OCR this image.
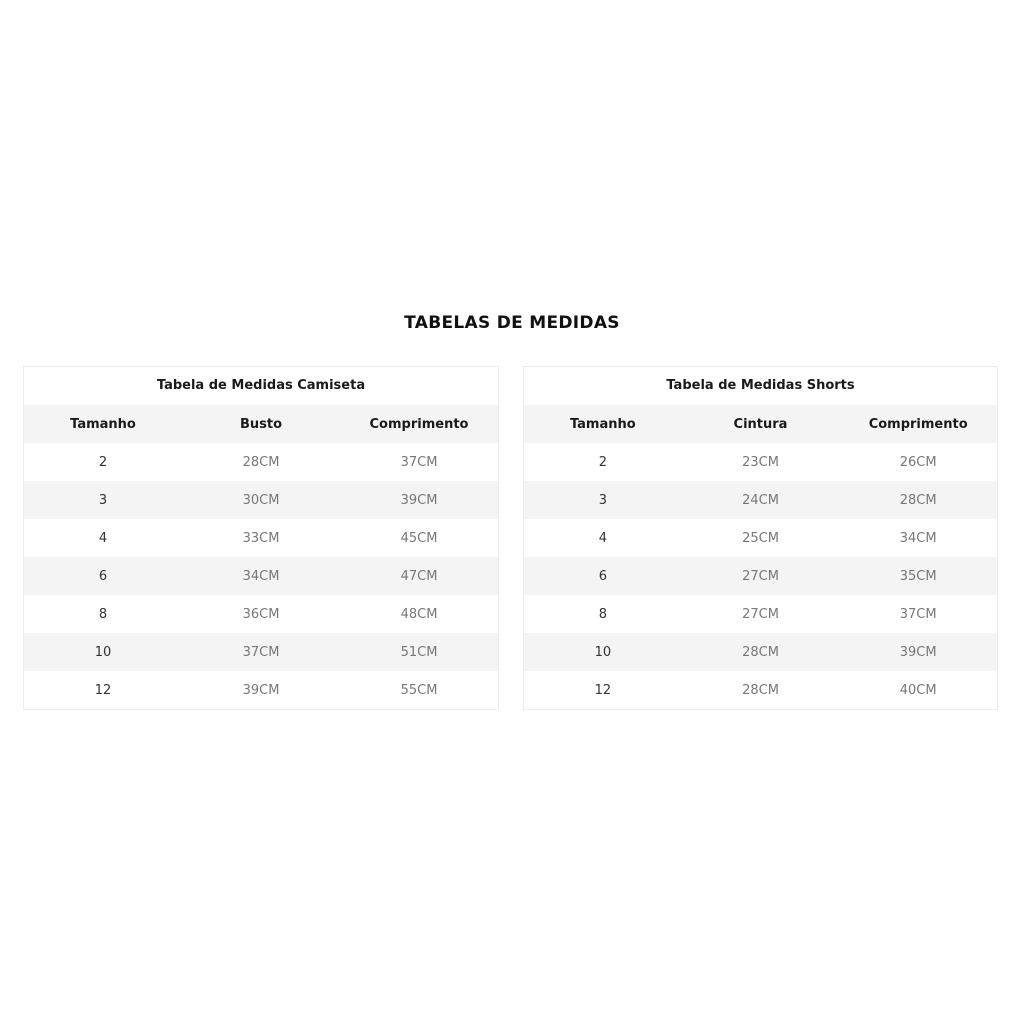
TABELAS DE MEDIDAS
Tabela de Medidas Camiseta
Tamanho	Busto	Comprimento
2	28CM	37CM
3	30CM	39CM
4	33CM	45CM
6	34CM	47CM
8	36CM	48CM
10	37CM	51CM
12	39CM	55CM
Tabela de Medidas Shorts
Tamanho	Cintura	Comprimento
2	23CM	26CM
3	24CM	28CM
4	25CM	34CM
6	27CM	35CM
8	27CM	37CM
10	28CM	39CM
12	28CM	40CM
